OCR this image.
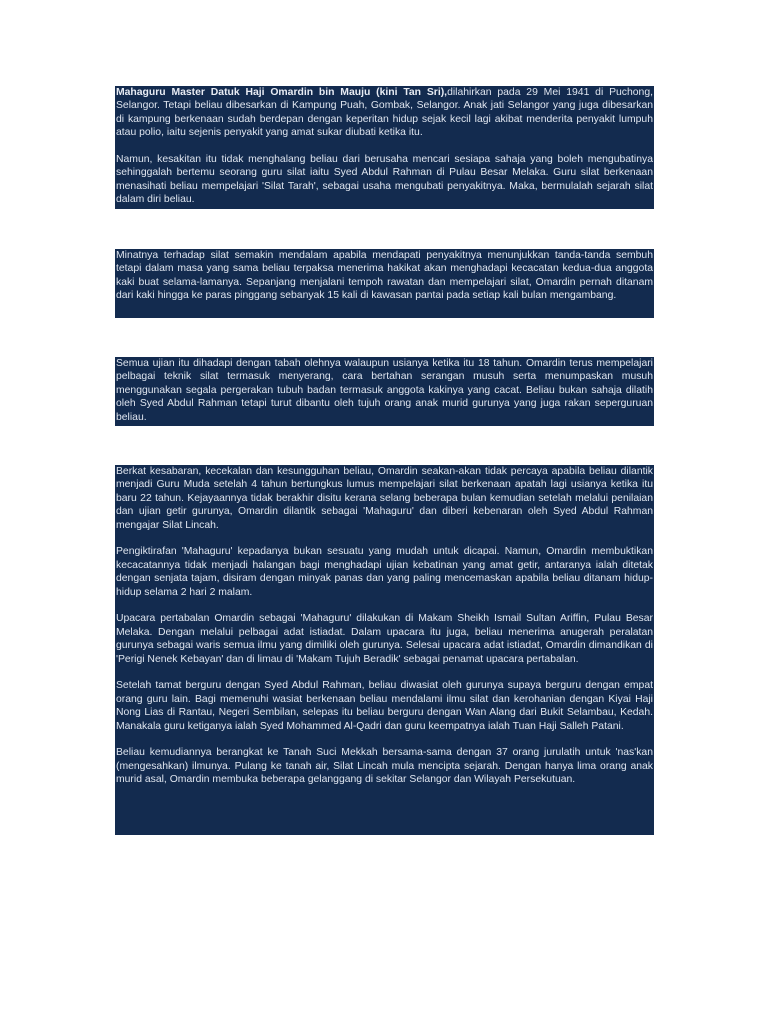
Mahaguru Master Datuk Haji Omardin bin Mauju (kini Tan Sri),dilahirkan pada 29 Mei 1941 di Puchong, Selangor. Tetapi beliau dibesarkan di Kampung Puah, Gombak, Selangor. Anak jati Selangor yang juga dibesarkan di kampung berkenaan sudah berdepan dengan keperitan hidup sejak kecil lagi akibat menderita penyakit lumpuh atau polio, iaitu sejenis penyakit yang amat sukar diubati ketika itu.

Namun, kesakitan itu tidak menghalang beliau dari berusaha mencari sesiapa sahaja yang boleh mengubatinya sehinggalah bertemu seorang guru silat iaitu Syed Abdul Rahman di Pulau Besar Melaka. Guru silat berkenaan menasihati beliau mempelajari 'Silat Tarah', sebagai usaha mengubati penyakitnya. Maka, bermulalah sejarah silat dalam diri beliau.

Minatnya terhadap silat semakin mendalam apabila mendapati penyakitnya menunjukkan tanda-tanda sembuh tetapi dalam masa yang sama beliau terpaksa menerima hakikat akan menghadapi kecacatan kedua-dua anggota kaki buat selama-lamanya. Sepanjang menjalani tempoh rawatan dan mempelajari silat, Omardin pernah ditanam dari kaki hingga ke paras pinggang sebanyak 15 kali di kawasan pantai pada setiap kali bulan mengambang.

Semua ujian itu dihadapi dengan tabah olehnya walaupun usianya ketika itu 18 tahun. Omardin terus mempelajari pelbagai teknik silat termasuk menyerang, cara bertahan serangan musuh serta menumpaskan musuh menggunakan segala pergerakan tubuh badan termasuk anggota kakinya yang cacat. Beliau bukan sahaja dilatih oleh Syed Abdul Rahman tetapi turut dibantu oleh tujuh orang anak murid gurunya yang juga rakan seperguruan beliau.

Berkat kesabaran, kecekalan dan kesungguhan beliau, Omardin seakan-akan tidak percaya apabila beliau dilantik menjadi Guru Muda setelah 4 tahun bertungkus lumus mempelajari silat berkenaan apatah lagi usianya ketika itu baru 22 tahun. Kejayaannya tidak berakhir disitu kerana selang beberapa bulan kemudian setelah melalui penilaian dan ujian getir gurunya, Omardin dilantik sebagai 'Mahaguru' dan diberi kebenaran oleh Syed Abdul Rahman mengajar Silat Lincah.

Pengiktirafan 'Mahaguru' kepadanya bukan sesuatu yang mudah untuk dicapai. Namun, Omardin membuktikan kecacatannya tidak menjadi halangan bagi menghadapi ujian kebatinan yang amat getir, antaranya ialah ditetak dengan senjata tajam, disiram dengan minyak panas dan yang paling mencemaskan apabila beliau ditanam hidup-hidup selama 2 hari 2 malam.

Upacara pertabalan Omardin sebagai 'Mahaguru' dilakukan di Makam Sheikh Ismail Sultan Ariffin, Pulau Besar Melaka. Dengan melalui pelbagai adat istiadat. Dalam upacara itu juga, beliau menerima anugerah peralatan gurunya sebagai waris semua ilmu yang dimiliki oleh gurunya. Selesai upacara adat istiadat, Omardin dimandikan di 'Perigi Nenek Kebayan' dan di limau di 'Makam Tujuh Beradik' sebagai penamat upacara pertabalan.

Setelah tamat berguru dengan Syed Abdul Rahman, beliau diwasiat oleh gurunya supaya berguru dengan empat orang guru lain. Bagi memenuhi wasiat berkenaan beliau mendalami ilmu silat dan kerohanian dengan Kiyai Haji Nong Lias di Rantau, Negeri Sembilan, selepas itu beliau berguru dengan Wan Alang dari Bukit Selambau, Kedah. Manakala guru ketiganya ialah Syed Mohammed Al-Qadri dan guru keempatnya ialah Tuan Haji Salleh Patani.

Beliau kemudiannya berangkat ke Tanah Suci Mekkah bersama-sama dengan 37 orang jurulatih untuk 'nas'kan (mengesahkan) ilmunya. Pulang ke tanah air, Silat Lincah mula mencipta sejarah. Dengan hanya lima orang anak murid asal, Omardin membuka beberapa gelanggang di sekitar Selangor dan Wilayah Persekutuan.
